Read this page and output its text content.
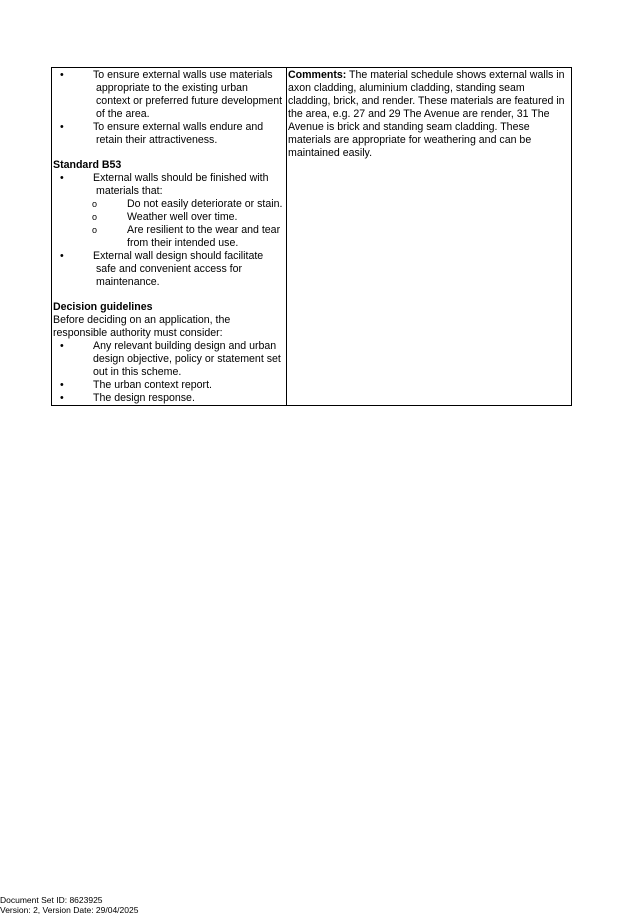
• To ensure external walls use materials

appropriate to the existing urban context or preferred future development of the area.
• To ensure external walls endure and

retain their attractiveness.
Standard B53
• External walls should be finished with

materials that:
o Do not easily deteriorate or stain.
o Weather well over time.
o Are resilient to the wear and tear from their intended use.
• External wall design should facilitate

safe and convenient access for maintenance.
Decision guidelines
Before deciding on an application, the responsible authority must consider:
• Any relevant building design and urban design objective, policy or statement set out in this scheme.
• The urban context report.
• The design response.
	Comments: The material schedule shows external walls in axon cladding, aluminium cladding, standing seam cladding, brick, and render. These materials are featured in the area, e.g. 27 and 29 The Avenue are render, 31 The Avenue is brick and standing seam cladding. These materials are appropriate for weathering and can be maintained easily.
Document Set ID: 8623925
Version: 2, Version Date: 29/04/2025
